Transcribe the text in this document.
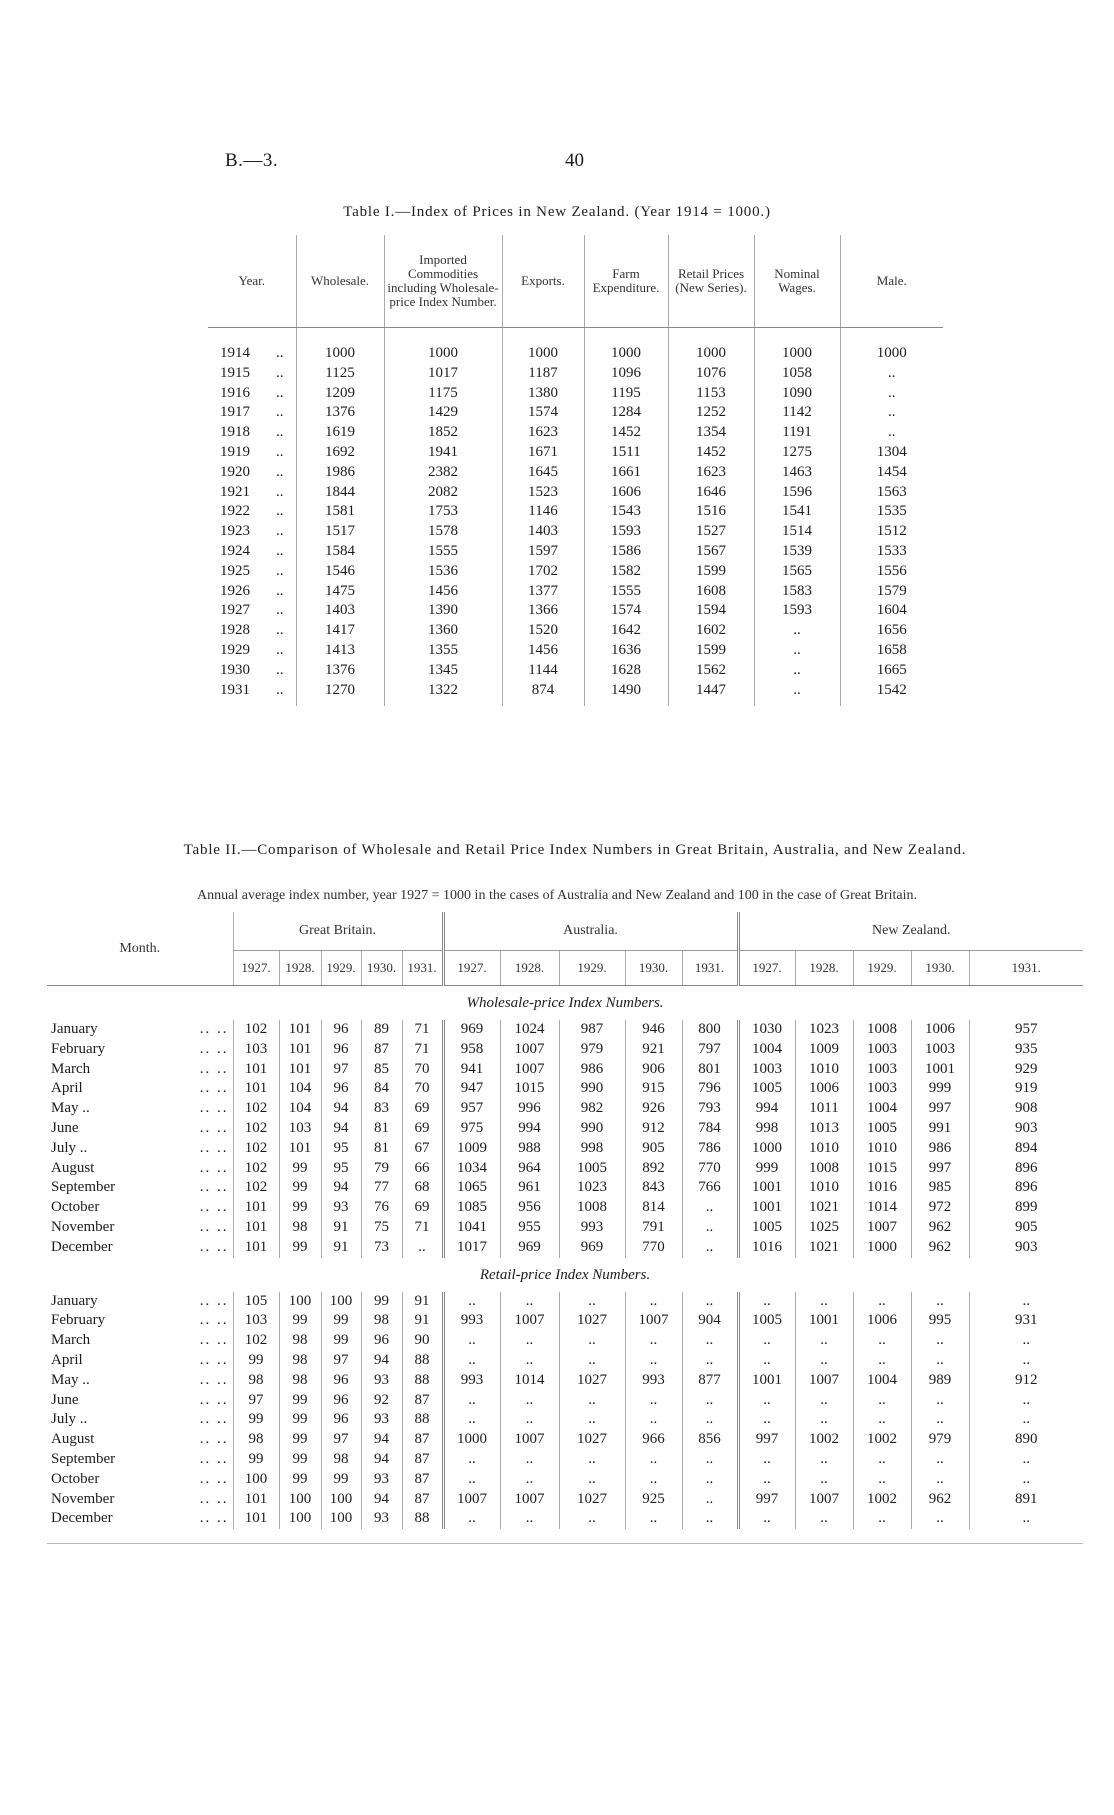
B.—3.	40
Table I.—Index of Prices in New Zealand. (Year 1914 = 1000.)
Year.	Wholesale.	Imported Commodities including Wholesale-price Index Number.	Exports.	Farm Expenditure.	Retail Prices (New Series).	Nominal Wages.	Male.
1914 ..	1000	1000	1000	1000	1000	1000	1000
1915 ..	1125	1017	1187	1096	1076	1058	..
1916 ..	1209	1175	1380	1195	1153	1090	..
1917 ..	1376	1429	1574	1284	1252	1142	..
1918 ..	1619	1852	1623	1452	1354	1191	..
1919 ..	1692	1941	1671	1511	1452	1275	1304
1920 ..	1986	2382	1645	1661	1623	1463	1454
1921 ..	1844	2082	1523	1606	1646	1596	1563
1922 ..	1581	1753	1146	1543	1516	1541	1535
1923 ..	1517	1578	1403	1593	1527	1514	1512
1924 ..	1584	1555	1597	1586	1567	1539	1533
1925 ..	1546	1536	1702	1582	1599	1565	1556
1926 ..	1475	1456	1377	1555	1608	1583	1579
1927 ..	1403	1390	1366	1574	1594	1593	1604
1928 ..	1417	1360	1520	1642	1602	..	1656
1929 ..	1413	1355	1456	1636	1599	..	1658
1930 ..	1376	1345	1144	1628	1562	..	1665
1931 ..	1270	1322	874	1490	1447	..	1542
Table II.—Comparison of Wholesale and Retail Price Index Numbers in Great Britain, Australia, and New Zealand.
Annual average index number, year 1927 = 1000 in the cases of Australia and New Zealand and 100 in the case of Great Britain.
Month.	Great Britain.					Australia.					New Zealand.				
	1927.	1928.	1929.	1930.	1931.	1927.	1928.	1929.	1930.	1931.	1927.	1928.	1929.	1930.	1931.
Wholesale-price Index Numbers.															
January .. ..	102	101	96	89	71	969	1024	987	946	800	1030	1023	1008	1006	957
February .. ..	103	101	96	87	71	958	1007	979	921	797	1004	1009	1003	1003	935
March .. ..	101	101	97	85	70	941	1007	986	906	801	1003	1010	1003	1001	929
April .. ..	101	104	96	84	70	947	1015	990	915	796	1005	1006	1003	999	919
May .. .. ..	102	104	94	83	69	957	996	982	926	793	994	1011	1004	997	908
June .. ..	102	103	94	81	69	975	994	990	912	784	998	1013	1005	991	903
July .. .. ..	102	101	95	81	67	1009	988	998	905	786	1000	1010	1010	986	894
August .. ..	102	99	95	79	66	1034	964	1005	892	770	999	1008	1015	997	896
September .. ..	102	99	94	77	68	1065	961	1023	843	766	1001	1010	1016	985	896
October .. ..	101	99	93	76	69	1085	956	1008	814	..	1001	1021	1014	972	899
November .. ..	101	98	91	75	71	1041	955	993	791	..	1005	1025	1007	962	905
December .. ..	101	99	91	73	..	1017	969	969	770	..	1016	1021	1000	962	903
Retail-price Index Numbers.															
January .. ..	105	100	100	99	91	..	..	..	..	..	..	..	..	..	..
February .. ..	103	99	99	98	91	993	1007	1027	1007	904	1005	1001	1006	995	931
March .. ..	102	98	99	96	90	..	..	..	..	..	..	..	..	..	..
April .. ..	99	98	97	94	88	..	..	..	..	..	..	..	..	..	..
May .. .. ..	98	98	96	93	88	993	1014	1027	993	877	1001	1007	1004	989	912
June .. ..	97	99	96	92	87	..	..	..	..	..	..	..	..	..	..
July .. .. ..	99	99	96	93	88	..	..	..	..	..	..	..	..	..	..
August .. ..	98	99	97	94	87	1000	1007	1027	966	856	997	1002	1002	979	890
September .. ..	99	99	98	94	87	..	..	..	..	..	..	..	..	..	..
October .. ..	100	99	99	93	87	..	..	..	..	..	..	..	..	..	..
November .. ..	101	100	100	94	87	1007	1007	1027	925	..	997	1007	1002	962	891
December .. ..	101	100	100	93	88	..	..	..	..	..	..	..	..	..	..
